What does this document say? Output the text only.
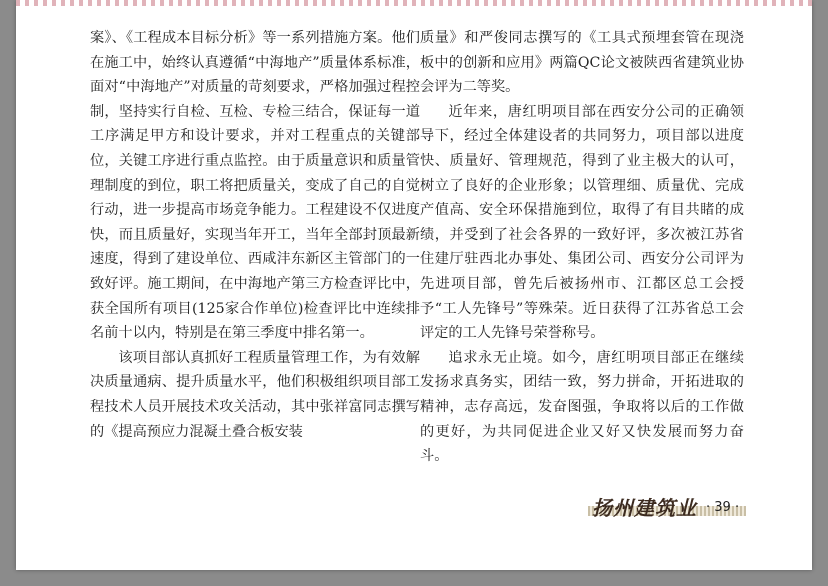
案》、《工程成本目标分析》等一系列措施方案。他们在施工中，始终认真遵循“中海地产”质量体系标准，面对“中海地产”对质量的苛刻要求，严格加强过程控制，坚持实行自检、互检、专检三结合，保证每一道工序满足甲方和设计要求，并对工程重点的关键部位，关键工序进行重点监控。由于质量意识和质量管理制度的到位，职工将把质量关，变成了自己的自觉行动，进一步提高市场竞争能力。工程建设不仅进度快，而且质量好，实现当年开工，当年全部封顶最新速度，得到了建设单位、西咸沣东新区主管部门的一致好评。施工期间，在中海地产第三方检查评比中，获全国所有项目(125家合作单位)检查评比中连续排名前十以内，特别是在第三季度中排名第一。

该项目部认真抓好工程质量管理工作，为有效解决质量通病、提升质量水平，他们积极组织项目部工程技术人员开展技术攻关活动，其中张祥富同志撰写的《提高预应力混凝土叠合板安装

质量》和严俊同志撰写的《工具式预埋套管在现浇板中的创新和应用》两篇QC论文被陕西省建筑业协会评为二等奖。

近年来，唐红明项目部在西安分公司的正确领导下，经过全体建设者的共同努力，项目部以进度快、质量好、管理规范，得到了业主极大的认可，树立了良好的企业形象；以管理细、质量优、完成产值高、安全环保措施到位，取得了有目共睹的成绩，并受到了社会各界的一致好评，多次被江苏省住建厅驻西北办事处、集团公司、西安分公司评为先进项目部，曾先后被扬州市、江都区总工会授予“工人先锋号”等殊荣。近日获得了江苏省总工会评定的工人先锋号荣誉称号。

追求永无止境。如今，唐红明项目部正在继续发扬求真务实，团结一致，努力拼命，开拓进取的精神，志存高远，发奋图强，争取将以后的工作做的更好，为共同促进企业又好又快发展而努力奋斗。

扬州建筑业 · 39 ·
